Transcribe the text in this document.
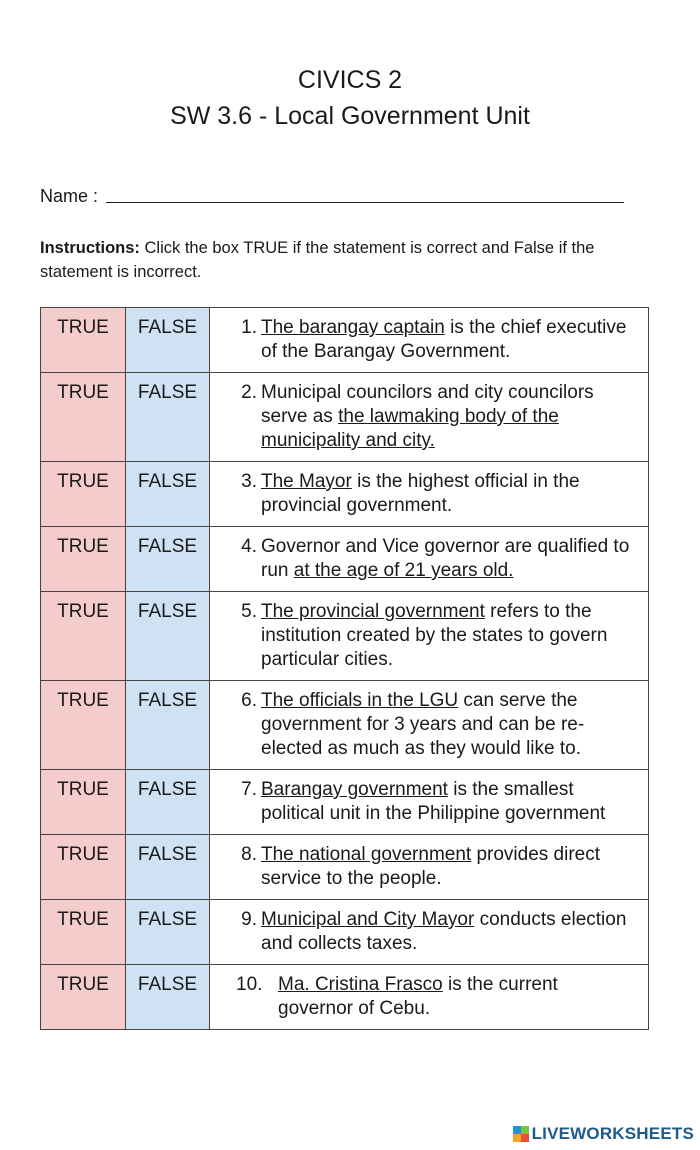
CIVICS 2
SW 3.6 - Local Government Unit
Name :
Instructions: Click the box TRUE if the statement is correct and False if the statement is incorrect.
TRUE	FALSE	1. The barangay captain is the chief executive of the Barangay Government.

TRUE	FALSE	2. Municipal councilors and city councilors serve as the lawmaking body of the municipality and city.

TRUE	FALSE	3. The Mayor is the highest official in the provincial government.

TRUE	FALSE	4. Governor and Vice governor are qualified to run at the age of 21 years old.

TRUE	FALSE	5. The provincial government refers to the institution created by the states to govern particular cities.

TRUE	FALSE	6. The officials in the LGU can serve the government for 3 years and can be re-elected as much as they would like to.

TRUE	FALSE	7. Barangay government is the smallest political unit in the Philippine government

TRUE	FALSE	8. The national government provides direct service to the people.

TRUE	FALSE	9. Municipal and City Mayor conducts election and collects taxes.

TRUE	FALSE	10. Ma. Cristina Frasco is the current governor of Cebu.
LIVEWORKSHEETS
